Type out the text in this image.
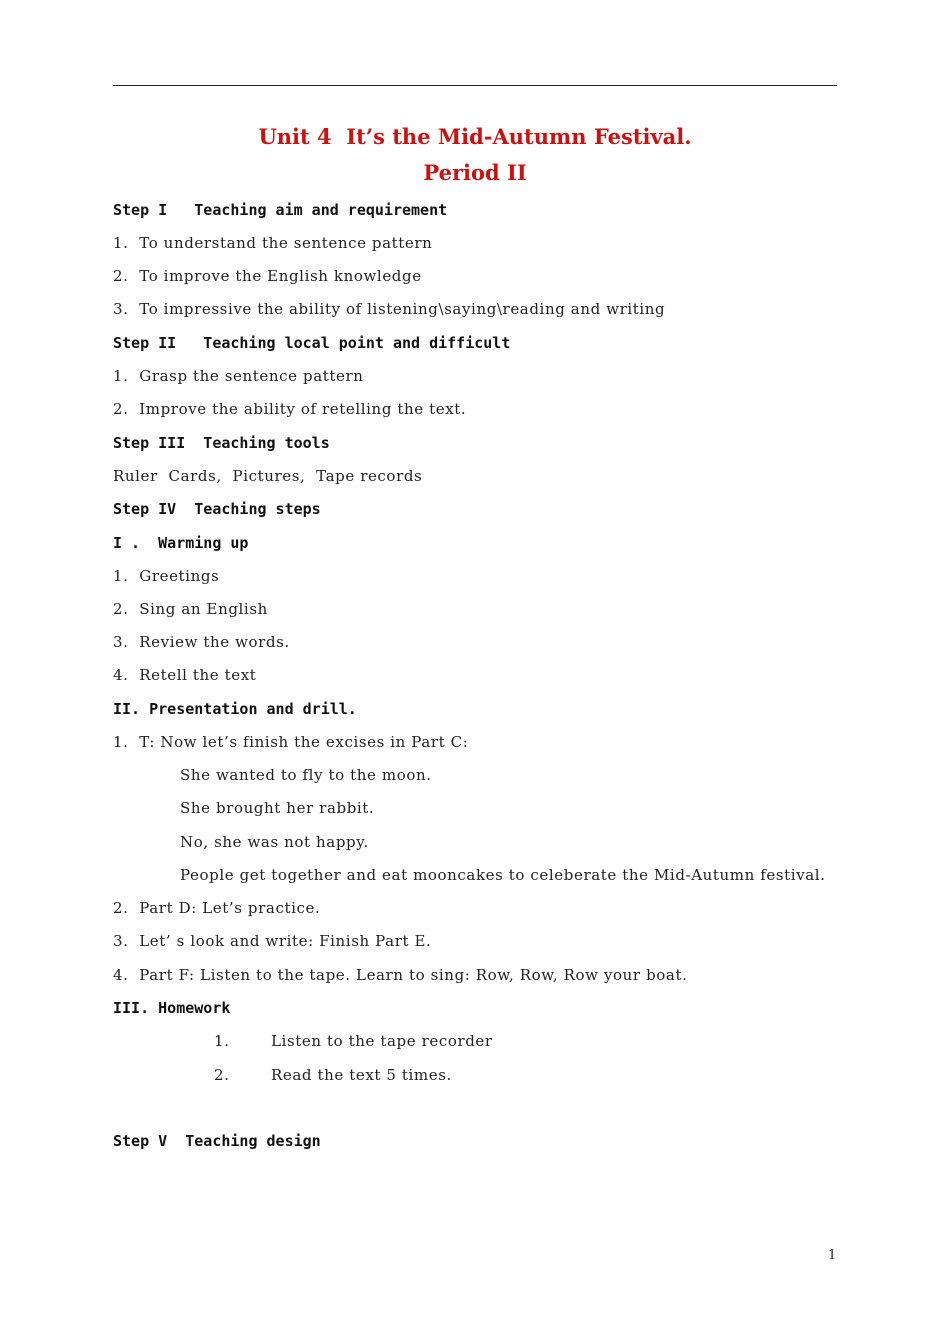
Unit 4  It’s the Mid-Autumn Festival.
Period II
Step I   Teaching aim and requirement
1.  To understand the sentence pattern
2.  To improve the English knowledge
3.  To impressive the ability of listening\saying\reading and writing
Step II   Teaching local point and difficult
1.  Grasp the sentence pattern
2.  Improve the ability of retelling the text.
Step III  Teaching tools
Ruler  Cards,  Pictures,  Tape records
Step IV  Teaching steps
I .  Warming up
1.  Greetings
2.  Sing an English
3.  Review the words.
4.  Retell the text
II. Presentation and drill.
1.  T: Now let’s finish the excises in Part C:
She wanted to fly to the moon.
She brought her rabbit.
No, she was not happy.
People get together and eat mooncakes to celeberate the Mid-Autumn festival.
2.  Part D: Let’s practice.
3.  Let’ s look and write: Finish Part E.
4.  Part F: Listen to the tape. Learn to sing: Row, Row, Row your boat.
III. Homework
1.	Listen to the tape recorder
2.	Read the text 5 times.
Step V  Teaching design
1
